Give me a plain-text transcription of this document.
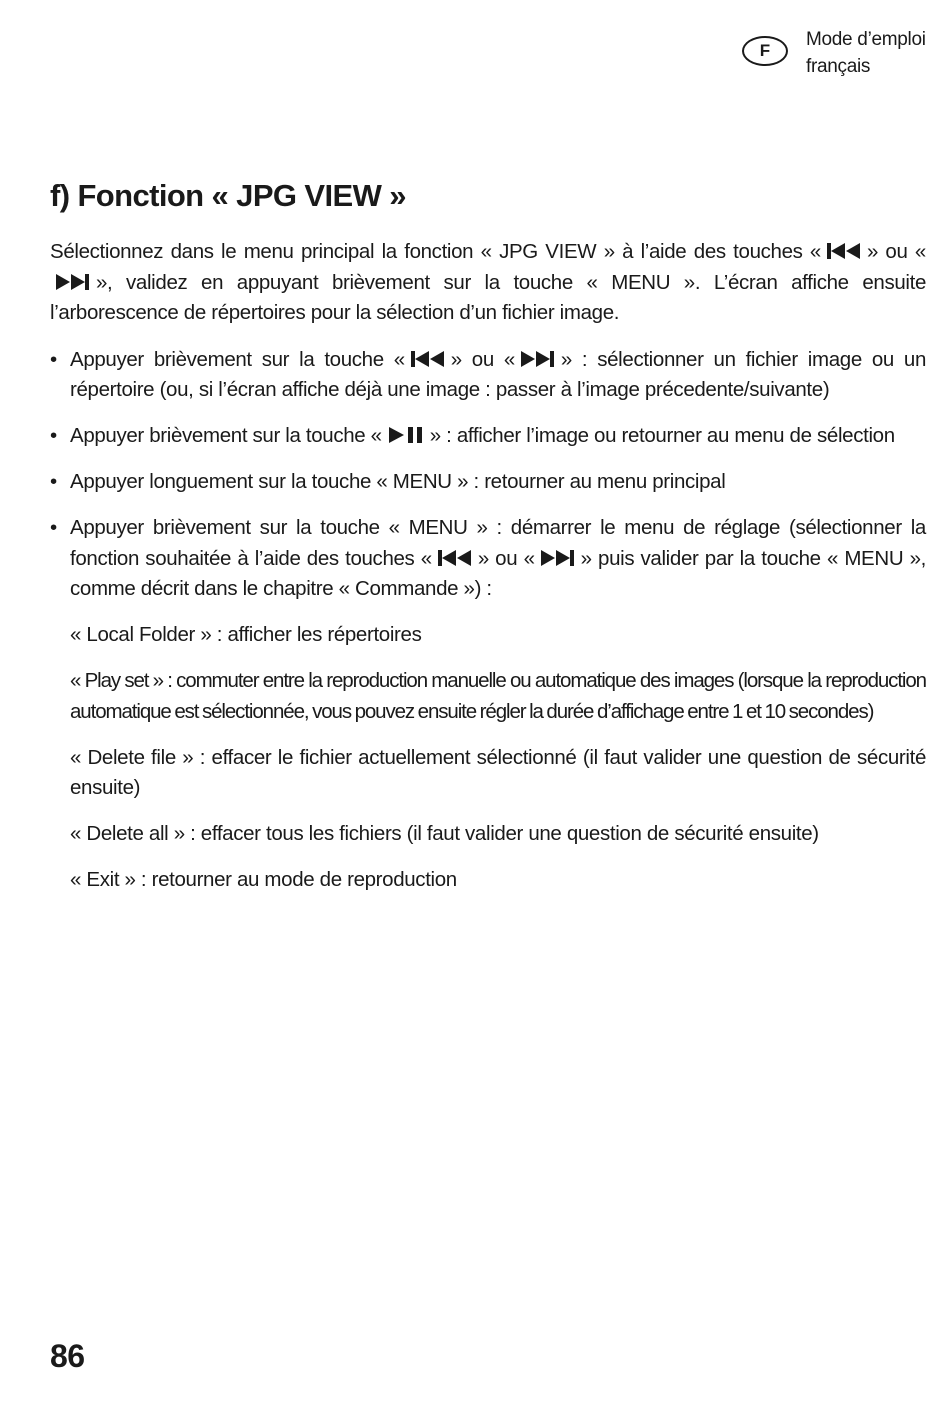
F
Mode d’emploi
français
f) Fonction « JPG VIEW »

Sélectionnez dans le menu principal la fonction « JPG VIEW » à l’aide des touches « » ou «
», validez en appuyant brièvement sur la touche « MENU ». L’écran affiche ensuite l’arborescence de répertoires pour la sélection d’un fichier image.

• Appuyer brièvement sur la touche « » ou « » : sélectionner un fichier image ou un répertoire (ou, si l’écran affiche déjà une image : passer à l’image précedente/suivante)
• Appuyer brièvement sur la touche « » : afficher l’image ou retourner au menu de sélection
• Appuyer longuement sur la touche « MENU » : retourner au menu principal
• Appuyer brièvement sur la touche « MENU » : démarrer le menu de réglage (sélectionner la fonction souhaitée à l’aide des touches « » ou « » puis valider par la touche « MENU », comme décrit dans le chapitre « Commande ») :

« Local Folder » : afficher les répertoires

« Play set » : commuter entre la reproduction manuelle ou automatique des images (lorsque la reproduction automatique est sélectionnée, vous pouvez ensuite régler la durée d’affichage entre 1 et 10 secondes)

« Delete file » : effacer le fichier actuellement sélectionné (il faut valider une question de sécurité ensuite)

« Delete all » : effacer tous les fichiers (il faut valider une question de sécurité ensuite)

« Exit » : retourner au mode de reproduction

86
